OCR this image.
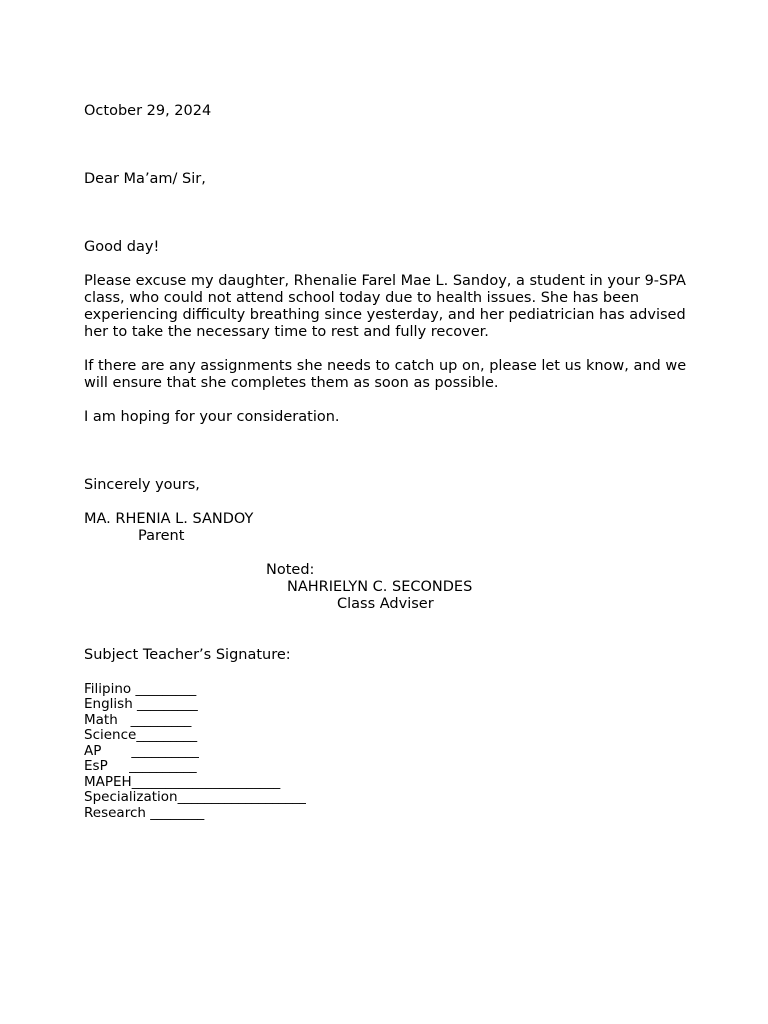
October 29, 2024
Dear Ma’am/ Sir,
Good day!
Please excuse my daughter, Rhenalie Farel Mae L. Sandoy, a student in your 9-SPA class, who could not attend school today due to health issues. She has been experiencing difficulty breathing since yesterday, and her pediatrician has advised her to take the necessary time to rest and fully recover.
If there are any assignments she needs to catch up on, please let us know, and we will ensure that she completes them as soon as possible.
I am hoping for your consideration.
Sincerely yours,
MA. RHENIA L. SANDOY
Parent
Noted:
NAHRIELYN C. SECONDES
Class Adviser
Subject Teacher’s Signature:
Filipino _________
English _________
Math   _________
Science_________
AP       __________
EsP     __________
MAPEH______________________
Specialization___________________
Research ________
